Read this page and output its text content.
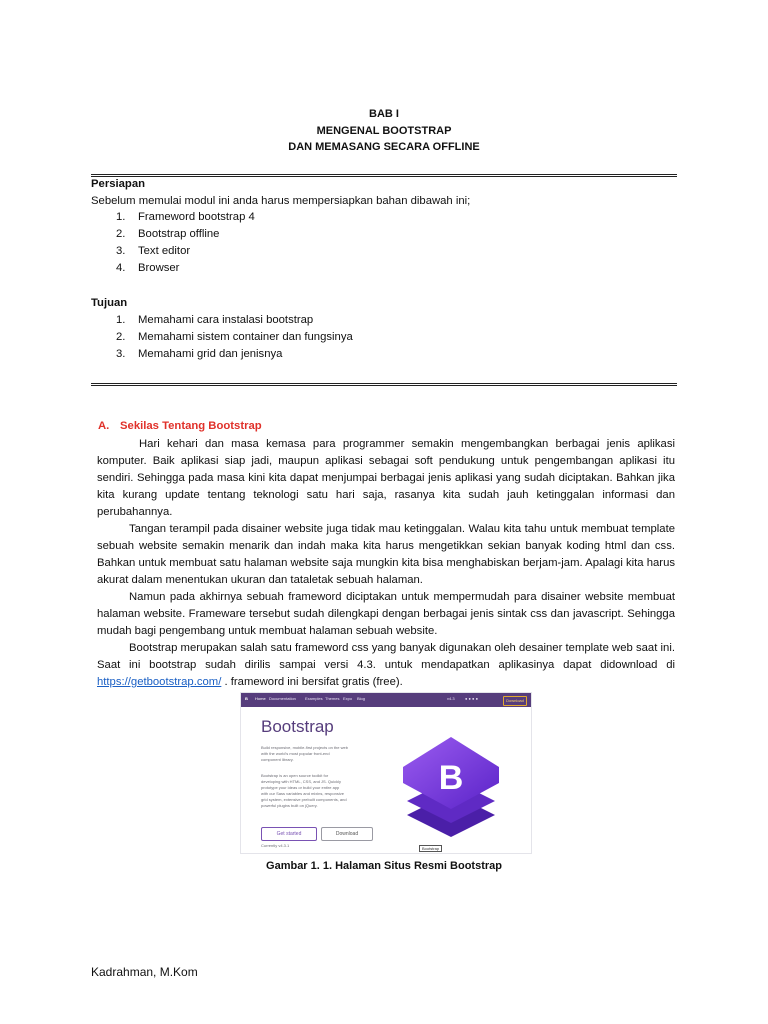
BAB I
MENGENAL BOOTSTRAP
DAN MEMASANG SECARA OFFLINE
Persiapan
Sebelum memulai modul ini anda harus mempersiapkan bahan dibawah ini;
1. Frameword bootstrap 4
2. Bootstrap offline
3. Text editor
4. Browser
Tujuan
1. Memahami cara instalasi bootstrap
2. Memahami sistem container dan fungsinya
3. Memahami grid dan jenisnya
A. Sekilas Tentang Bootstrap

Hari kehari dan masa kemasa para programmer semakin mengembangkan berbagai jenis aplikasi komputer. Baik aplikasi siap jadi, maupun aplikasi sebagai soft pendukung untuk pengembangan aplikasi itu sendiri. Sehingga pada masa kini kita dapat menjumpai berbagai jenis aplikasi yang sudah diciptakan. Bahkan jika kita kurang update tentang teknologi satu hari saja, rasanya kita sudah jauh ketinggalan informasi dan perubahannya.

Tangan terampil pada disainer website juga tidak mau ketinggalan. Walau kita tahu untuk membuat template sebuah website semakin menarik dan indah maka kita harus mengetikkan sekian banyak koding html dan css. Bahkan untuk membuat satu halaman website saja mungkin kita bisa menghabiskan berjam-jam. Apalagi kita harus akurat dalam menentukan ukuran dan tataletak sebuah halaman.

Namun pada akhirnya sebuah frameword diciptakan untuk mempermudah para disainer website membuat halaman website. Frameware tersebut sudah dilengkapi dengan berbagai jenis sintak css dan javascript. Sehingga mudah bagi pengembang untuk membuat halaman sebuah website.

Bootstrap merupakan salah satu frameword css yang banyak digunakan oleh desainer template web saat ini. Saat ini bootstrap sudah dirilis sampai versi 4.3. untuk mendapatkan aplikasinya dapat didownload di https://getbootstrap.com/ . frameword ini bersifat gratis (free).

B Home Documentation Examples Themes Expo Blog	v4.3	● ● ● ●	Download
Bootstrap
Build responsive, mobile-first projects on the web
with the world's most popular front-end
component library.
Bootstrap is an open source toolkit for
developing with HTML, CSS, and JS. Quickly
prototype your ideas or build your entire app
with our Sass variables and mixins, responsive
grid system, extensive prebuilt components, and
powerful plugins built on jQuery.
Get started	Download
Currently v4.3.1
B
Bootstrap
Gambar 1. 1. Halaman Situs Resmi Bootstrap
Kadrahman, M.Kom
